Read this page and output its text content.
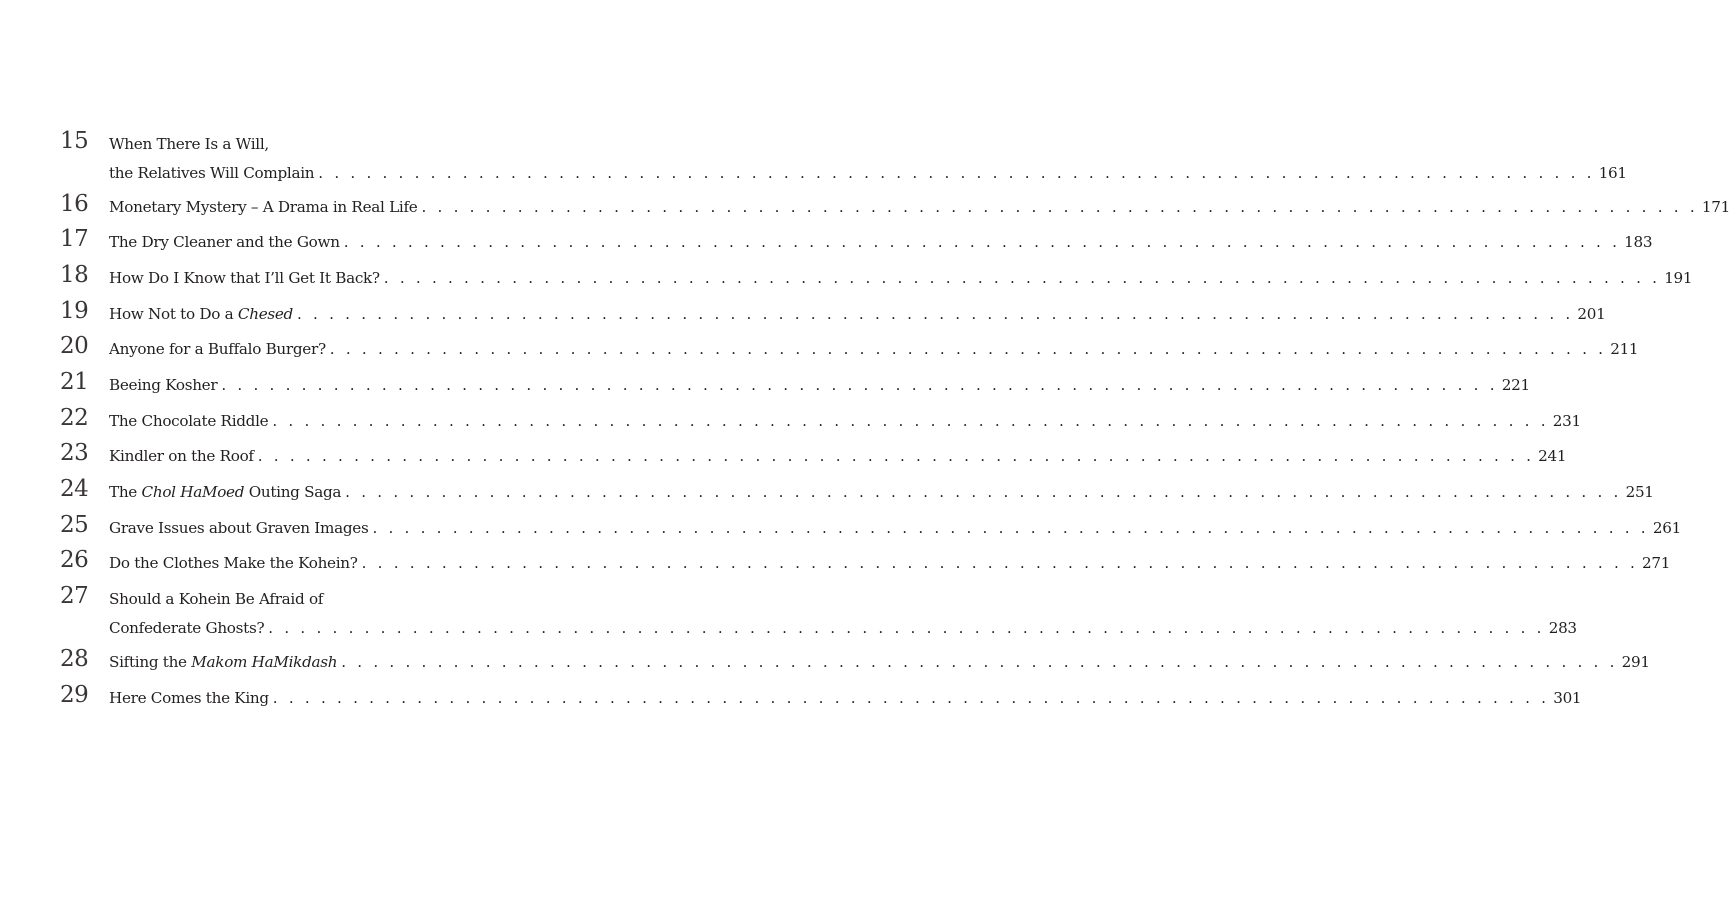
15 When There Is a Will,
the Relatives Will Complain . . . . . . . . . . . . . . . . . . . . . . . . . . . . . . . . . . . . . . . . . . . . . . . . . . . . . . . . . . . . . . . . . . . . . . . . . . . . . . . . 161
16 Monetary Mystery – A Drama in Real Life . . . . . . . . . . . . . . . . . . . . . . . . . . . . . . . . . . . . . . . . . . . . . . . . . . . . . . . . . . . . . . . . . . . . . . . . . . . . . . . . 171
17 The Dry Cleaner and the Gown . . . . . . . . . . . . . . . . . . . . . . . . . . . . . . . . . . . . . . . . . . . . . . . . . . . . . . . . . . . . . . . . . . . . . . . . . . . . . . . . 183
18 How Do I Know that I’ll Get It Back? . . . . . . . . . . . . . . . . . . . . . . . . . . . . . . . . . . . . . . . . . . . . . . . . . . . . . . . . . . . . . . . . . . . . . . . . . . . . . . . . 191
19 How Not to Do a Chesed . . . . . . . . . . . . . . . . . . . . . . . . . . . . . . . . . . . . . . . . . . . . . . . . . . . . . . . . . . . . . . . . . . . . . . . . . . . . . . . . 201
20 Anyone for a Buffalo Burger? . . . . . . . . . . . . . . . . . . . . . . . . . . . . . . . . . . . . . . . . . . . . . . . . . . . . . . . . . . . . . . . . . . . . . . . . . . . . . . . . 211
21 Beeing Kosher . . . . . . . . . . . . . . . . . . . . . . . . . . . . . . . . . . . . . . . . . . . . . . . . . . . . . . . . . . . . . . . . . . . . . . . . . . . . . . . . 221
22 The Chocolate Riddle . . . . . . . . . . . . . . . . . . . . . . . . . . . . . . . . . . . . . . . . . . . . . . . . . . . . . . . . . . . . . . . . . . . . . . . . . . . . . . . . 231
23 Kindler on the Roof . . . . . . . . . . . . . . . . . . . . . . . . . . . . . . . . . . . . . . . . . . . . . . . . . . . . . . . . . . . . . . . . . . . . . . . . . . . . . . . . 241
24 The Chol HaMoed Outing Saga . . . . . . . . . . . . . . . . . . . . . . . . . . . . . . . . . . . . . . . . . . . . . . . . . . . . . . . . . . . . . . . . . . . . . . . . . . . . . . . . 251
25 Grave Issues about Graven Images . . . . . . . . . . . . . . . . . . . . . . . . . . . . . . . . . . . . . . . . . . . . . . . . . . . . . . . . . . . . . . . . . . . . . . . . . . . . . . . . 261
26 Do the Clothes Make the Kohein? . . . . . . . . . . . . . . . . . . . . . . . . . . . . . . . . . . . . . . . . . . . . . . . . . . . . . . . . . . . . . . . . . . . . . . . . . . . . . . . . 271
27 Should a Kohein Be Afraid of
Confederate Ghosts? . . . . . . . . . . . . . . . . . . . . . . . . . . . . . . . . . . . . . . . . . . . . . . . . . . . . . . . . . . . . . . . . . . . . . . . . . . . . . . . . 283
28 Sifting the Makom HaMikdash . . . . . . . . . . . . . . . . . . . . . . . . . . . . . . . . . . . . . . . . . . . . . . . . . . . . . . . . . . . . . . . . . . . . . . . . . . . . . . . . 291
29 Here Comes the King . . . . . . . . . . . . . . . . . . . . . . . . . . . . . . . . . . . . . . . . . . . . . . . . . . . . . . . . . . . . . . . . . . . . . . . . . . . . . . . . 301
